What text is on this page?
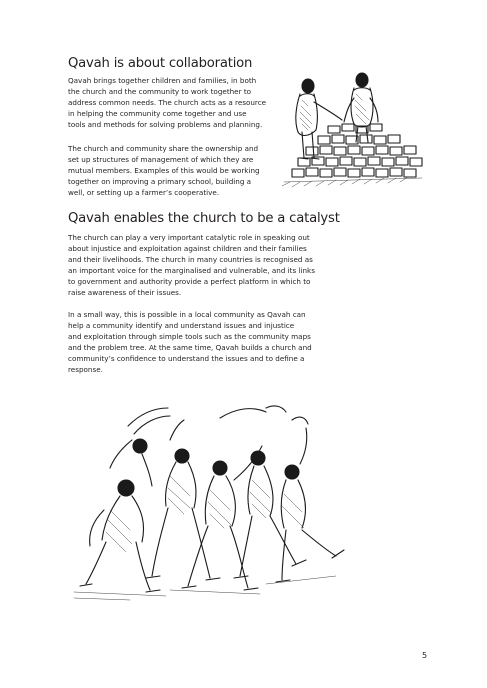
Qavah is about collaboration

Qavah brings together children and families, in both
the church and the community to work together to
address common needs. The church acts as a resource
in helping the community come together and use
tools and methods for solving problems and planning.

The church and community share the ownership and
set up structures of management of which they are
mutual members. Examples of this would be working
together on improving a primary school, building a
well, or setting up a farmer’s cooperative.

Qavah enables the church to be a catalyst

The church can play a very important catalytic role in speaking out
about injustice and exploitation against children and their families
and their livelihoods. The church in many countries is recognised as
an important voice for the marginalised and vulnerable, and its links
to government and authority provide a perfect platform in which to
raise awareness of their issues.

In a small way, this is possible in a local community as Qavah can
help a community identify and understand issues and injustice
and exploitation through simple tools such as the community maps
and the problem tree. At the same time, Qavah builds a church and
community’s confidence to understand the issues and to define a
response.

5
